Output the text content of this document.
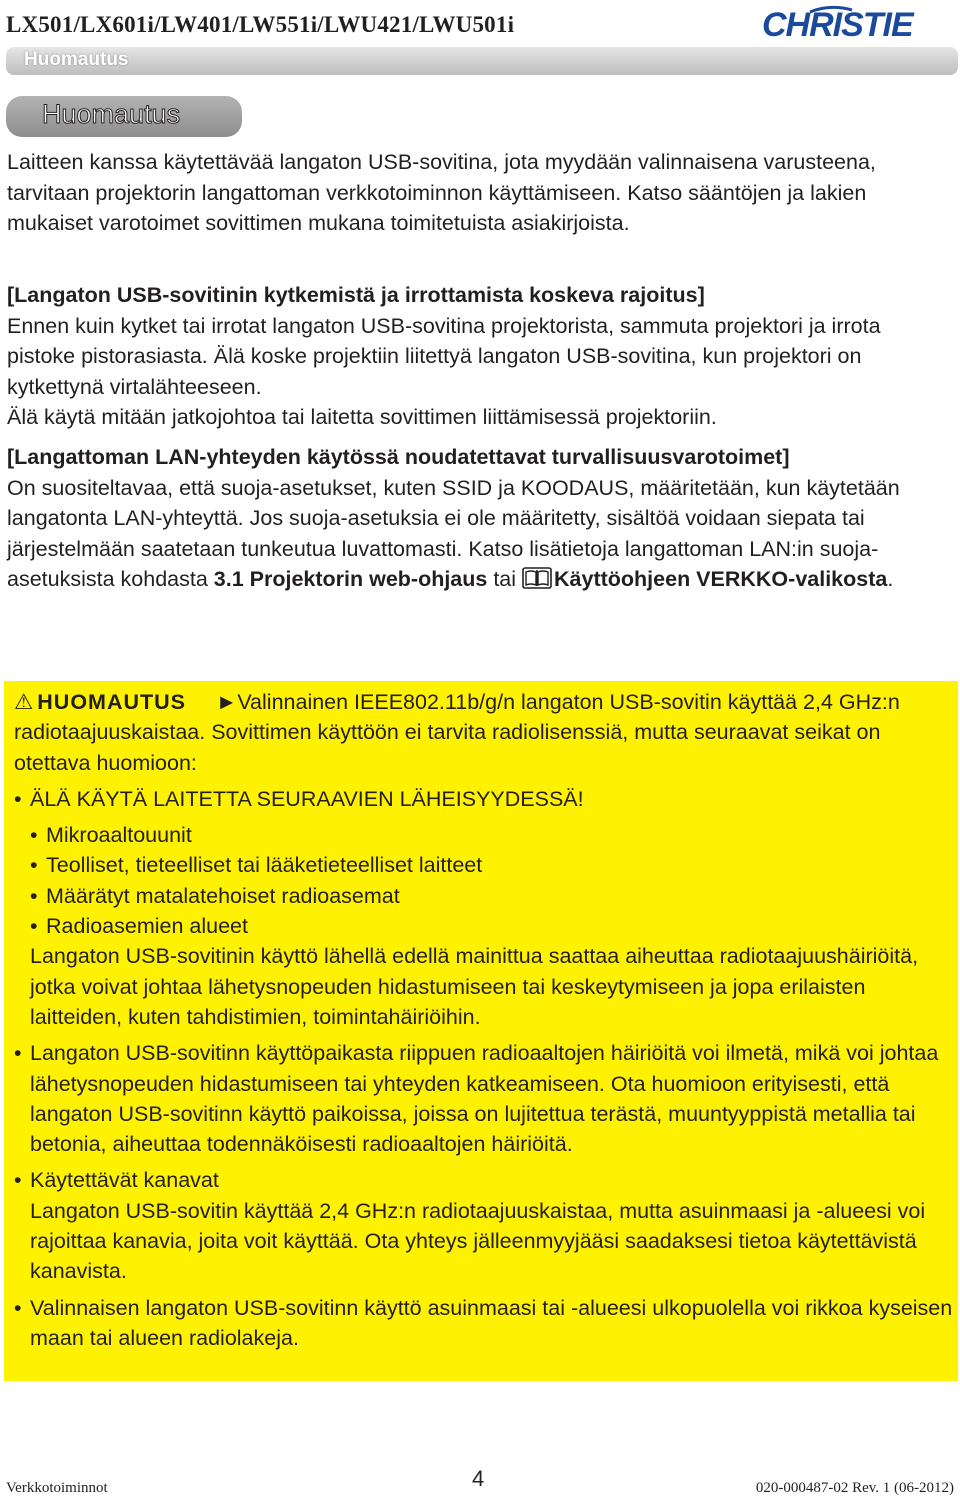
LX501/LX601i/LW401/LW551i/LWU421/LWU501i	CHRISTIE
Huomautus
Huomautus

Laitteen kanssa käytettävää langaton USB-sovitina, jota myydään valinnaisena varusteena, tarvitaan projektorin langattoman verkkotoiminnon käyttämiseen. Katso sääntöjen ja lakien mukaiset varotoimet sovittimen mukana toimitetuista asiakirjoista.

[Langaton USB-sovitinin kytkemistä ja irrottamista koskeva rajoitus]

Ennen kuin kytket tai irrotat langaton USB-sovitina projektorista, sammuta projektori ja irrota pistoke pistorasiasta. Älä koske projektiin liitettyä langaton USB-sovitina, kun projektori on kytkettynä virtalähteeseen.

Älä käytä mitään jatkojohtoa tai laitetta sovittimen liittämisessä projektoriin.

[Langattoman LAN-yhteyden käytössä noudatettavat turvallisuusvarotoimet]

On suositeltavaa, että suoja-asetukset, kuten SSID ja KOODAUS, määritetään, kun käytetään langatonta LAN-yhteyttä. Jos suoja-asetuksia ei ole määritetty, sisältöä voidaan siepata tai järjestelmään saatetaan tunkeutua luvattomasti. Katso lisätietoja langattoman LAN:in suoja-asetuksista kohdasta 3.1 Projektorin web-ohjaus tai Käyttöohjeen VERKKO-valikosta.

⚠ HUOMAUTUS ►Valinnainen IEEE802.11b/g/n langaton USB-sovitin käyttää 2,4 GHz:n radiotaajuuskaistaa. Sovittimen käyttöön ei tarvita radiolisenssiä, mutta seuraavat seikat on otettava huomioon:

• ÄLÄ KÄYTÄ LAITETTA SEURAAVIEN LÄHEISYYDESSÄ!

• Mikroaaltouunit

• Teolliset, tieteelliset tai lääketieteelliset laitteet

• Määrätyt matalatehoiset radioasemat

• Radioasemien alueet

Langaton USB-sovitinin käyttö lähellä edellä mainittua saattaa aiheuttaa radiotaajuushäiriöitä, jotka voivat johtaa lähetysnopeuden hidastumiseen tai keskeytymiseen ja jopa erilaisten laitteiden, kuten tahdistimien, toimintahäiriöihin.

• Langaton USB-sovitinn käyttöpaikasta riippuen radioaaltojen häiriöitä voi ilmetä, mikä voi johtaa lähetysnopeuden hidastumiseen tai yhteyden katkeamiseen. Ota huomioon erityisesti, että langaton USB-sovitinn käyttö paikoissa, joissa on lujitettua terästä, muuntyyppistä metallia tai betonia, aiheuttaa todennäköisesti radioaaltojen häiriöitä.

• Käytettävät kanavat

Langaton USB-sovitin käyttää 2,4 GHz:n radiotaajuuskaistaa, mutta asuinmaasi ja -alueesi voi rajoittaa kanavia, joita voit käyttää. Ota yhteys jälleenmyyjääsi saadaksesi tietoa käytettävistä kanavista.

• Valinnaisen langaton USB-sovitinn käyttö asuinmaasi tai -alueesi ulkopuolella voi rikkoa kyseisen maan tai alueen radiolakeja.

Verkkotoiminnot	4	020-000487-02 Rev. 1 (06-2012)
